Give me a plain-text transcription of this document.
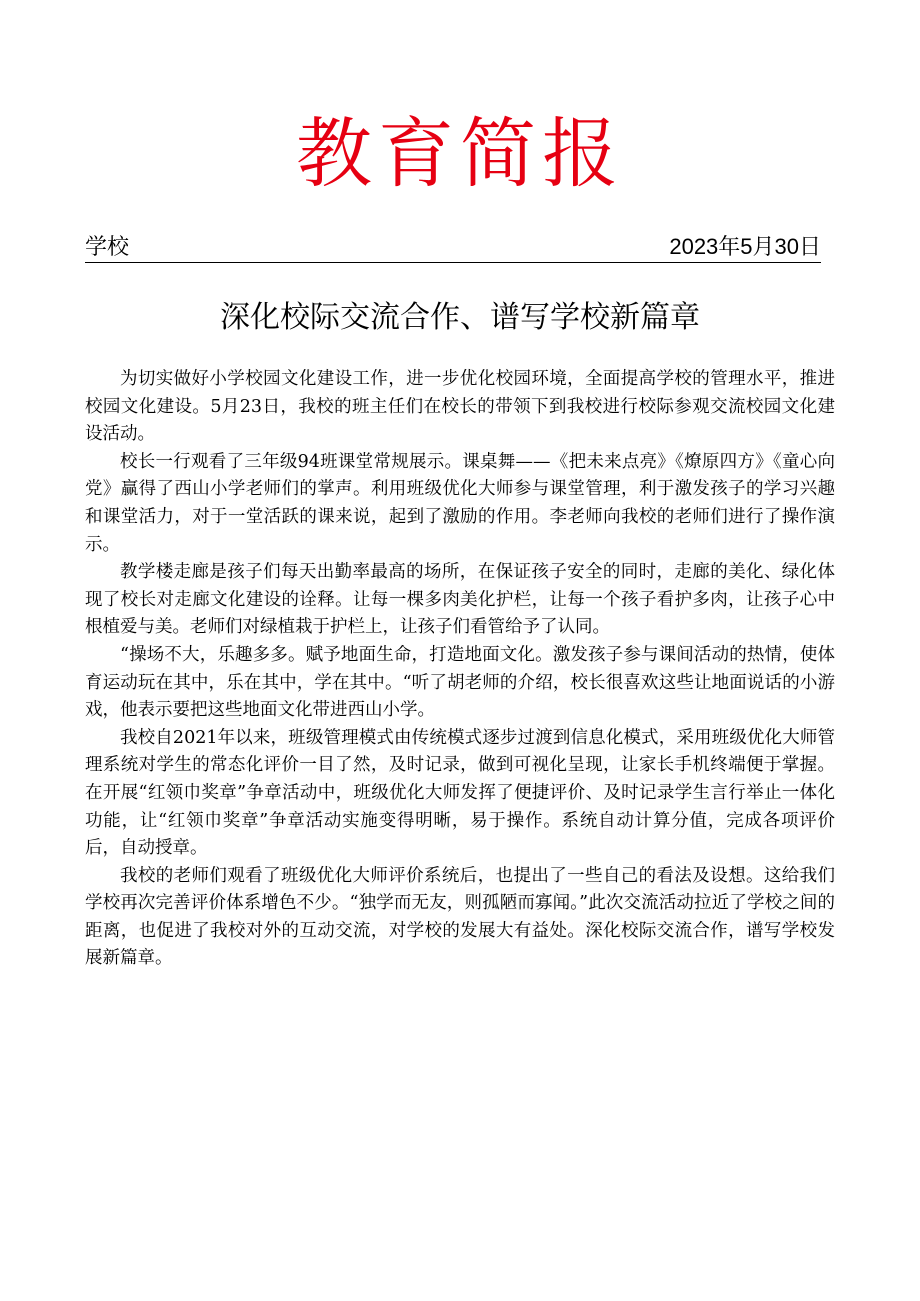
教育简报
学校	2023年5月30日
深化校际交流合作、谱写学校新篇章

为切实做好小学校园文化建设工作，进一步优化校园环境，全面提高学校的管理水平，推进校园文化建设。5月23日，我校的班主任们在校长的带领下到我校进行校际参观交流校园文化建设活动。

校长一行观看了三年级94班课堂常规展示。课桌舞——《把未来点亮》《燎原四方》《童心向党》赢得了西山小学老师们的掌声。利用班级优化大师参与课堂管理，利于激发孩子的学习兴趣和课堂活力，对于一堂活跃的课来说，起到了激励的作用。李老师向我校的老师们进行了操作演示。

教学楼走廊是孩子们每天出勤率最高的场所，在保证孩子安全的同时，走廊的美化、绿化体现了校长对走廊文化建设的诠释。让每一棵多肉美化护栏，让每一个孩子看护多肉，让孩子心中根植爱与美。老师们对绿植栽于护栏上，让孩子们看管给予了认同。

“操场不大，乐趣多多。赋予地面生命，打造地面文化。激发孩子参与课间活动的热情，使体育运动玩在其中，乐在其中，学在其中。“听了胡老师的介绍，校长很喜欢这些让地面说话的小游戏，他表示要把这些地面文化带进西山小学。

我校自2021年以来，班级管理模式由传统模式逐步过渡到信息化模式，采用班级优化大师管理系统对学生的常态化评价一目了然，及时记录，做到可视化呈现，让家长手机终端便于掌握。在开展“红领巾奖章”争章活动中，班级优化大师发挥了便捷评价、及时记录学生言行举止一体化功能，让“红领巾奖章”争章活动实施变得明晰，易于操作。系统自动计算分值，完成各项评价后，自动授章。

我校的老师们观看了班级优化大师评价系统后，也提出了一些自己的看法及设想。这给我们学校再次完善评价体系增色不少。“独学而无友，则孤陋而寡闻。”此次交流活动拉近了学校之间的距离，也促进了我校对外的互动交流，对学校的发展大有益处。深化校际交流合作，谱写学校发展新篇章。
